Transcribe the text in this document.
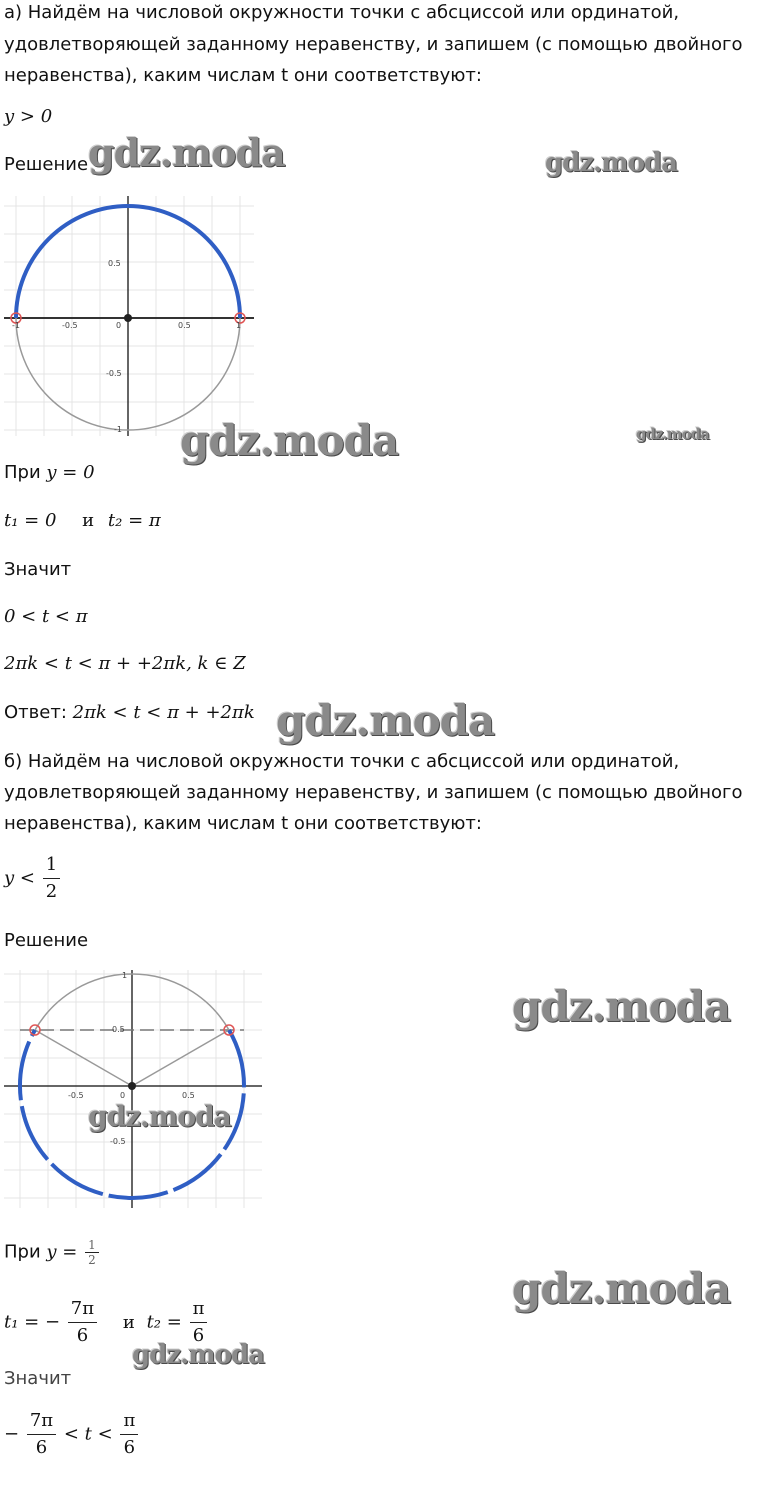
а) Найдём на числовой окружности точки с абсциссой или ординатой,
удовлетворяющей заданному неравенству, и запишем (с помощью двойного
неравенства), каким числам t они соответствуют:
y > 0
Решение gdz.moda	gdz.moda
-1	-0.5	0	0.5	1
0.5
-0.5
-1 gdz.moda	gdz.moda
При y = 0
t₁ = 0 и t₂ = π
Значит
0 < t < π
2πk < t < π + +2πk, k ∈ Z
Ответ: 2πk < t < π + +2πk gdz.moda
б) Найдём на числовой окружности точки с абсциссой или ординатой,
удовлетворяющей заданному неравенству, и запишем (с помощью двойного
неравенства), каким числам t они соответствуют:
$y < \frac{1}{2}$
Решение
-0.5	0	0.5
1
0.5
-0.5
gdz.moda
gdz.moda
При $y = \frac{1}{2}$
gdz.moda
t₁ = − $\frac{7\pi}{6}$ и $t_2 = \frac{\pi}{6}$
gdz.moda
Значит
− $\frac{7\pi}{6} < t < \frac{\pi}{6}$
